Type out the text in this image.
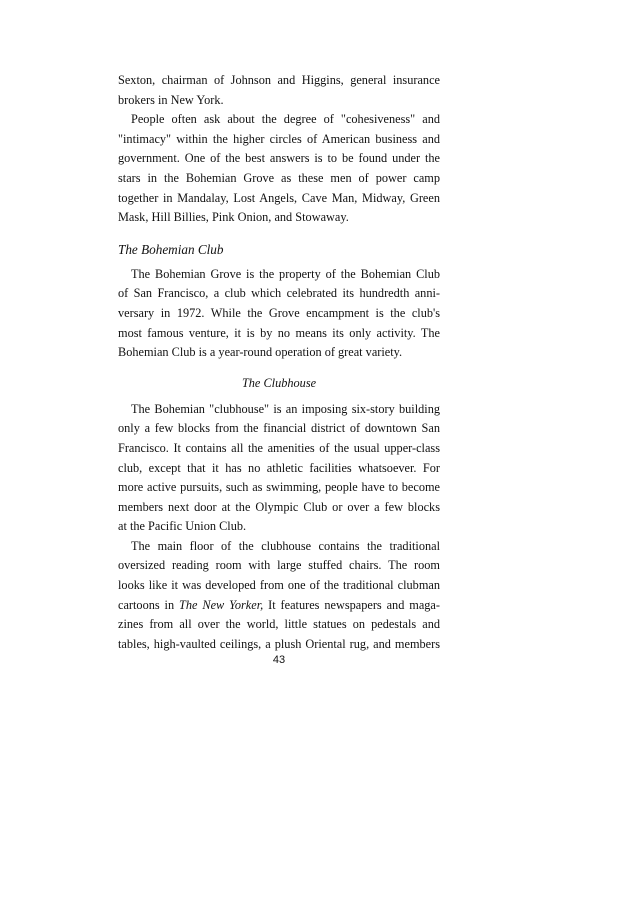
Sexton, chairman of Johnson and Higgins, general insurance
brokers in New York.
People often ask about the degree of "cohesiveness" and
"intimacy" within the higher circles of American business and
government. One of the best answers is to be found under the
stars in the Bohemian Grove as these men of power camp
together in Mandalay, Lost Angels, Cave Man, Midway, Green
Mask, Hill Billies, Pink Onion, and Stowaway.
The Bohemian Club
The Bohemian Grove is the property of the Bohemian Club
of San Francisco, a club which celebrated its hundredth anni-
versary in 1972. While the Grove encampment is the club's
most famous venture, it is by no means its only activity. The
Bohemian Club is a year-round operation of great variety.
The Clubhouse
The Bohemian "clubhouse" is an imposing six-story building
only a few blocks from the financial district of downtown San
Francisco. It contains all the amenities of the usual upper-class
club, except that it has no athletic facilities whatsoever. For
more active pursuits, such as swimming, people have to become
members next door at the Olympic Club or over a few blocks
at the Pacific Union Club.
The main floor of the clubhouse contains the traditional
oversized reading room with large stuffed chairs. The room
looks like it was developed from one of the traditional clubman
cartoons in The New Yorker, It features newspapers and maga-
zines from all over the world, little statues on pedestals and
tables, high-vaulted ceilings, a plush Oriental rug, and members
43
